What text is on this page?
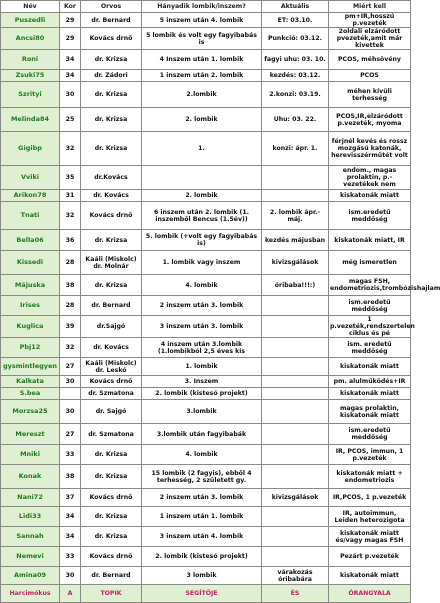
Név	Kor	Orvos	Hányadik lombik/inszem?	Aktuális	Miért kell
Puszedli	29	dr. Bernard	5 inszem után 4. lombik	ET: 03.10.	pm+IR,hosszú p.vezeték
Ancsi80	29	Kovács drnő	5 lombik és volt egy fagyibabás is	Punkció: 03.12.	2oldali elzáródott pvezeték,amit már kivettek
Roni	34	dr. Krizsa	4 Inszem után 1. lombik	fagyi uhu: 03. 10.	PCOS, méhsövény
Zsuki75	34	dr. Zádori	1 inszem után 2. lombik	kezdés: 03.12.	PCOS
Szrityi	30	dr. Krizsa	2.lombik	2.konzi: 03.19.	méhen kívüli terhesség
Melinda84	25	dr. Krizsa	2. lombik	Uhu: 03. 22.	PCOS,IR,elzáródott p.vezeték, myoma
Gigibp	32	dr. Krizsa	1.	konzi: ápr. 1.	férjnél kevés és rossz mozgású katonák, herevisszérműtét volt
Vviki	35	dr.Kovács			endom., magas prolaktin, p.-vezetékek nem
Arikon78	31	dr. Kovács	2. lombik		kiskatonák miatt
Tnati	32	Kovács drnő	6 inszem után 2. lombik (1. inszemből Bencus (1.5év))	2. lombik ápr.-máj.	ism.eredetű meddőség
Bella06	36	dr. Krizsa	5. lombik (+volt egy fagyibabás is)	kezdés májusban	kiskatonák miatt, IR
Kissedi	28	Kaáli (Miskolc) dr. Molnár	1. lombik vagy inszem	kivizsgálások	még ismeretlen
Májuska	38	dr. Krizsa	4. lombik	óribaba!!!:)	magas FSH, endometriozis,trombózishajlam
Irises	28	dr. Bernard	2 inszem után 3. lombik		ism.eredetű meddőség
Kuglica	39	dr.Sajgó	3 inszem után 3. lombik		1 p.vezeték,rendszertelen ciklus és pé
Pbj12	32	dr. Kovács	4 inszem után 3.lombik (1.lombikból 2,5 éves kis		ism. eredetű meddőség
gysmintlegyen	27	Kaáli (Miskolc) dr. Leskó	1. lombik		kiskatonák miatt
Kalkata	30	Kovács drnő	3. Inszem		pm. alulműködés+IR
S.bea		dr. Szmatona	2. lombik (kistesó projekt)		kiskatonák miatt
Morzsa25	30	dr. Sajgó	3.lombik		magas prolaktin, kiskatonák miatt
Mereszt	27	dr. Szmatona	3.lombik után fagyibabák		ism.eredetű meddőség
Mniki	33	dr. Krizsa	4. lombik		IR, PCOS, immun, 1 p.vezeték
Konak	38	dr. Krizsa	15 lombik (2 fagyis), ebből 4 terhesség, 2 született gy.		kiskatonák miatt + endometriozis
Nani72	37	Kovács drnő	2 inszem után 3. lombik	kivizsgálások	IR,PCOS, 1 p.vezeték
Lidi33	34	dr. Krizsa	1 inszem után 1. lombik		IR, autoimmun, Leiden heterozigota
Sannah	34	dr. Krizsa	3 inszem után 4. lombik		kiskatonák miatt és/vagy magas FSH
Nemevi	33	Kovács drnő	2. lombik (kistesó projekt)		Pezárt p.vezeték
Amina09	30	dr. Bernard	3 lombik	várakozás óribabára	kiskatonák miatt
Harcimókus	A	TOPIK	SEGÍTŐJE	ÉS	ÓRANGYALA
